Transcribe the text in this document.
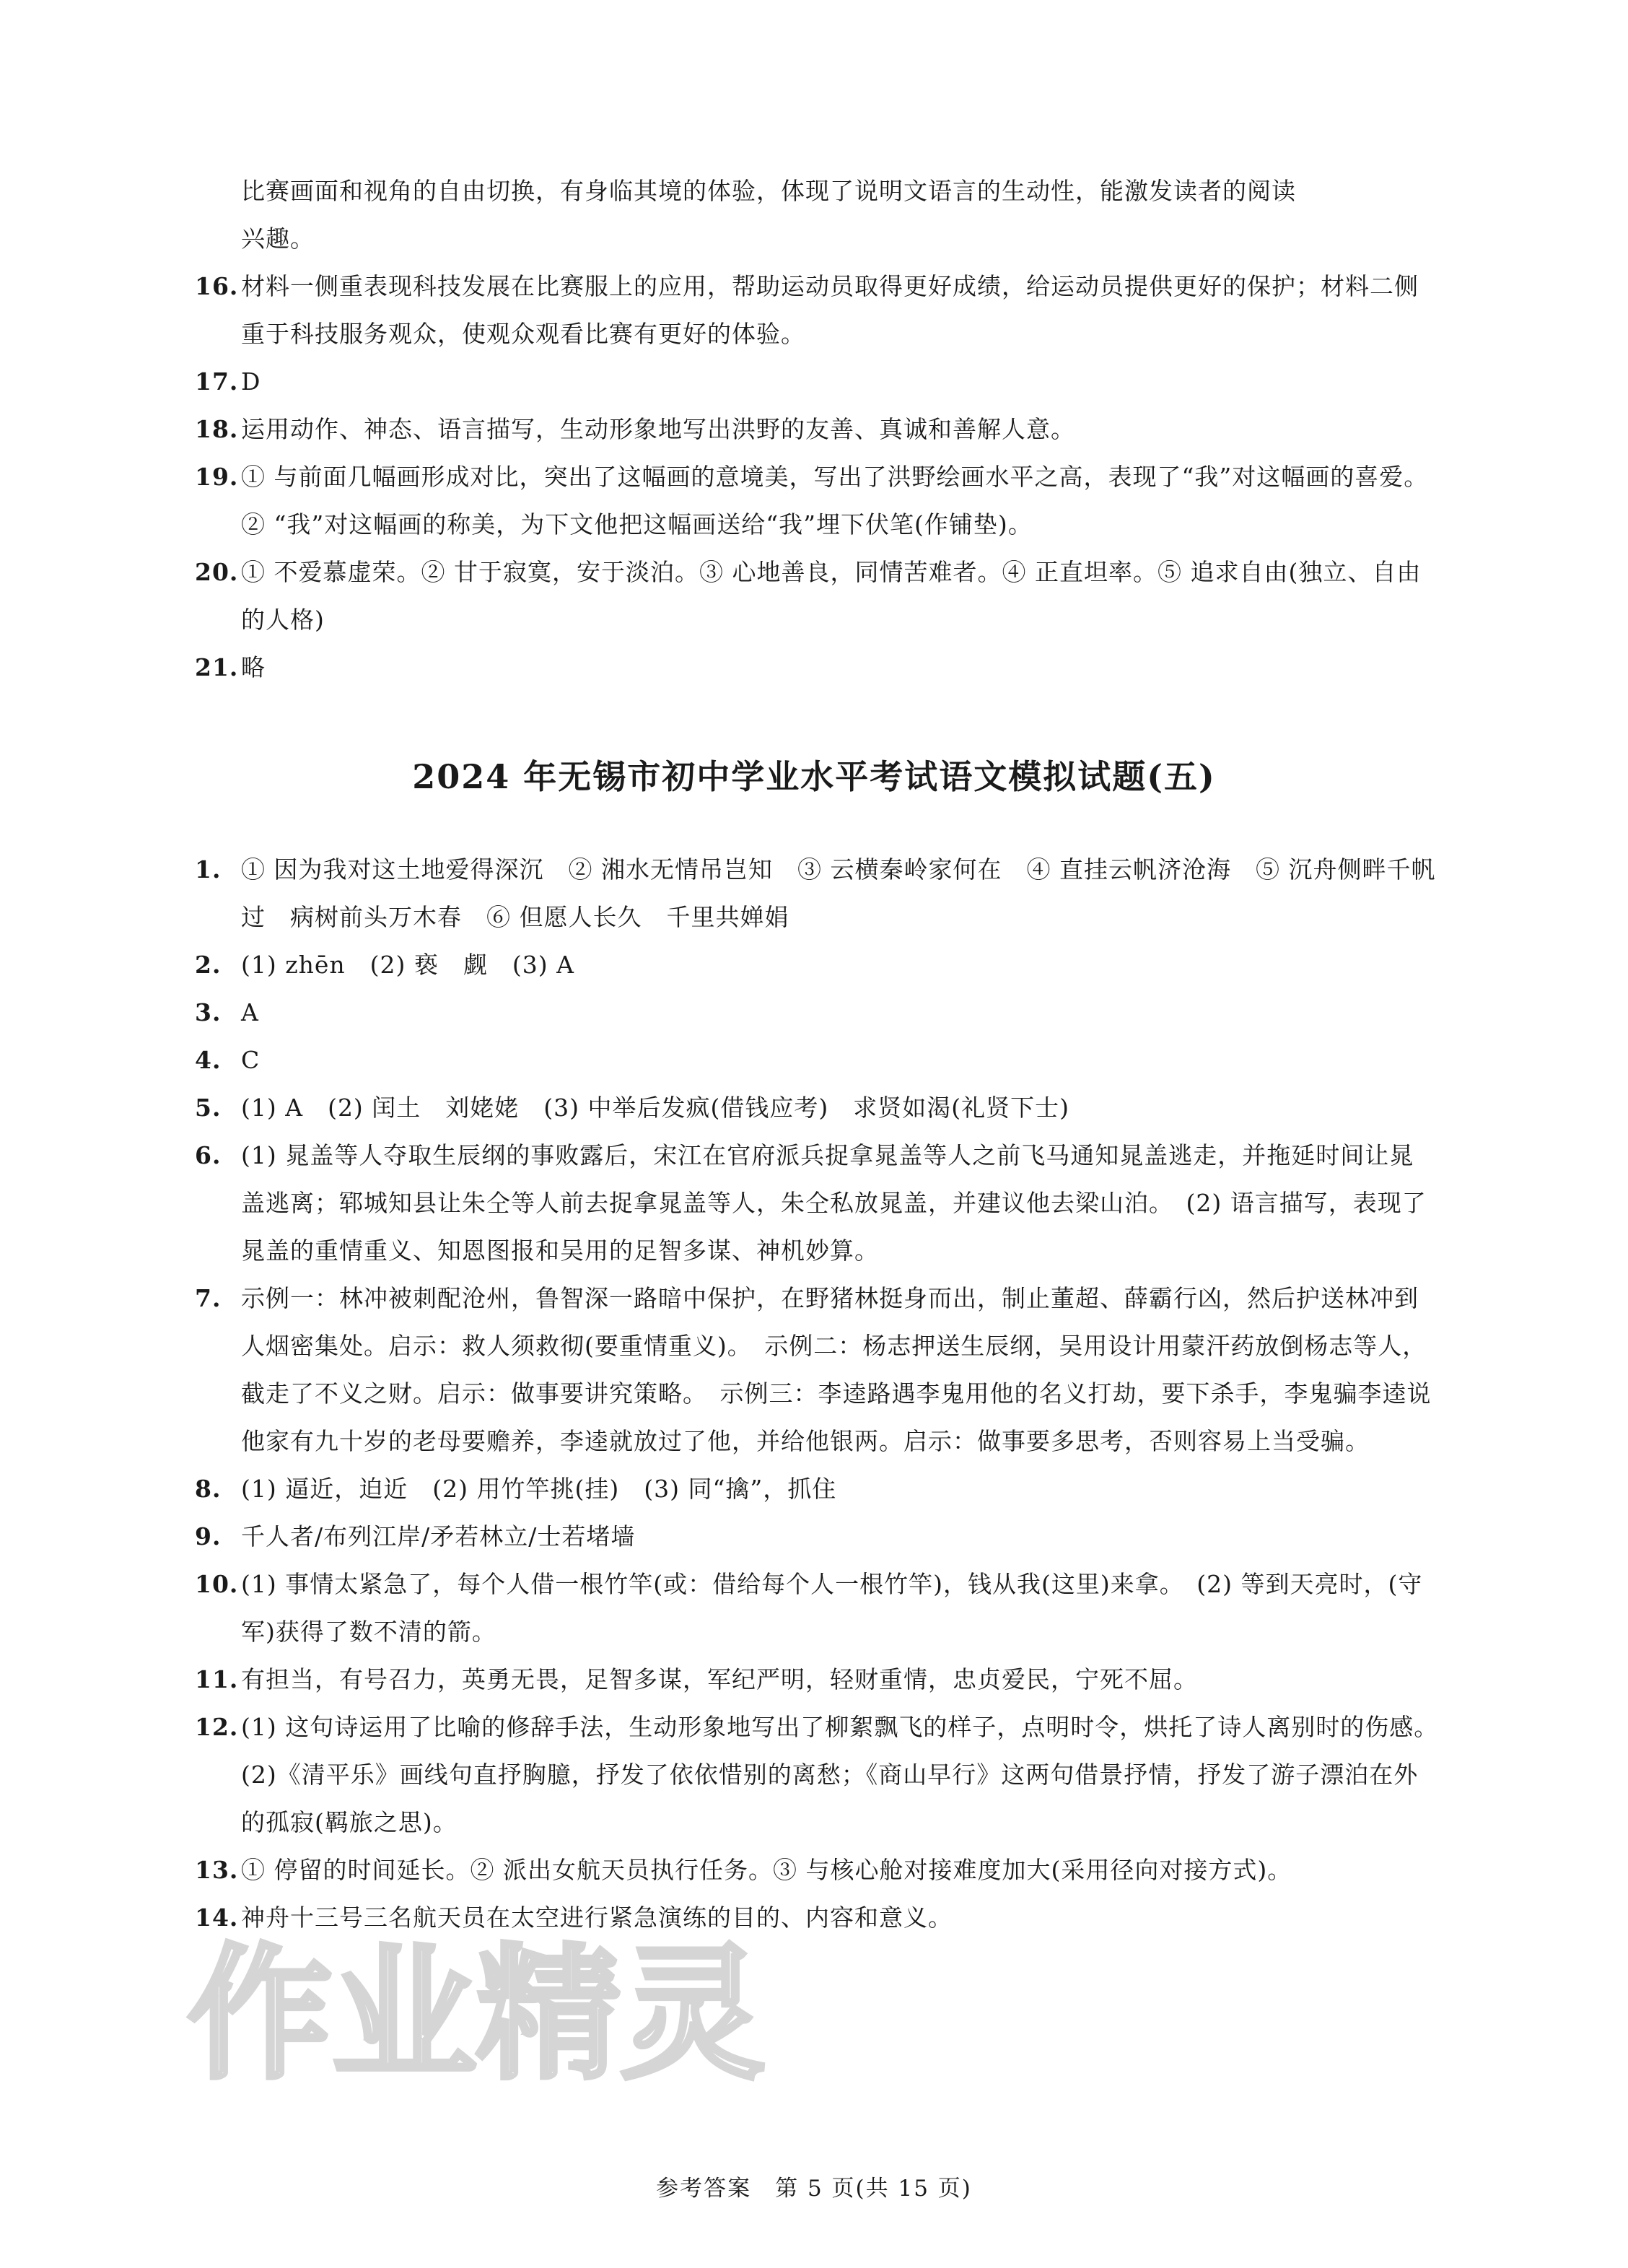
比赛画面和视角的自由切换，有身临其境的体验，体现了说明文语言的生动性，能激发读者的阅读

兴趣。

16. 材料一侧重表现科技发展在比赛服上的应用，帮助运动员取得更好成绩，给运动员提供更好的保护；材料二侧重于科技服务观众，使观众观看比赛有更好的体验。

17. D

18. 运用动作、神态、语言描写，生动形象地写出洪野的友善、真诚和善解人意。

19. ① 与前面几幅画形成对比，突出了这幅画的意境美，写出了洪野绘画水平之高，表现了“我”对这幅画的喜爱。② “我”对这幅画的称美，为下文他把这幅画送给“我”埋下伏笔(作铺垫)。

20. ① 不爱慕虚荣。② 甘于寂寞，安于淡泊。③ 心地善良，同情苦难者。④ 正直坦率。⑤ 追求自由(独立、自由的人格)

21. 略

2024 年无锡市初中学业水平考试语文模拟试题(五)

1. ① 因为我对这土地爱得深沉　② 湘水无情吊岂知　③ 云横秦岭家何在　④ 直挂云帆济沧海　⑤ 沉舟侧畔千帆过　病树前头万木春　⑥ 但愿人长久　千里共婵娟

2. (1) zhēn　(2) 亵　觑　(3) A

3. A

4. C

5. (1) A　(2) 闰土　刘姥姥　(3) 中举后发疯(借钱应考)　求贤如渴(礼贤下士)

6. (1) 晁盖等人夺取生辰纲的事败露后，宋江在官府派兵捉拿晁盖等人之前飞马通知晁盖逃走，并拖延时间让晁盖逃离；郓城知县让朱仝等人前去捉拿晁盖等人，朱仝私放晁盖，并建议他去梁山泊。　(2) 语言描写，表现了晁盖的重情重义、知恩图报和吴用的足智多谋、神机妙算。

7. 示例一：林冲被刺配沧州，鲁智深一路暗中保护，在野猪林挺身而出，制止董超、薛霸行凶，然后护送林冲到人烟密集处。启示：救人须救彻(要重情重义)。　示例二：杨志押送生辰纲，吴用设计用蒙汗药放倒杨志等人，截走了不义之财。启示：做事要讲究策略。　示例三：李逵路遇李鬼用他的名义打劫，要下杀手，李鬼骗李逵说他家有九十岁的老母要赡养，李逵就放过了他，并给他银两。启示：做事要多思考，否则容易上当受骗。

8. (1) 逼近，迫近　(2) 用竹竿挑(挂)　(3) 同“擒”，抓住

9. 千人者/布列江岸/矛若林立/士若堵墙

10. (1) 事情太紧急了，每个人借一根竹竿(或：借给每个人一根竹竿)，钱从我(这里)来拿。　(2) 等到天亮时，(守军)获得了数不清的箭。

11. 有担当，有号召力，英勇无畏，足智多谋，军纪严明，轻财重情，忠贞爱民，宁死不屈。

12. (1) 这句诗运用了比喻的修辞手法，生动形象地写出了柳絮飘飞的样子，点明时令，烘托了诗人离别时的伤感。　(2)《清平乐》画线句直抒胸臆，抒发了依依惜别的离愁；《商山早行》这两句借景抒情，抒发了游子漂泊在外的孤寂(羁旅之思)。

13. ① 停留的时间延长。② 派出女航天员执行任务。③ 与核心舱对接难度加大(采用径向对接方式)。

14. 神舟十三号三名航天员在太空进行紧急演练的目的、内容和意义。

作业精灵
参考答案　第 5 页(共 15 页)
